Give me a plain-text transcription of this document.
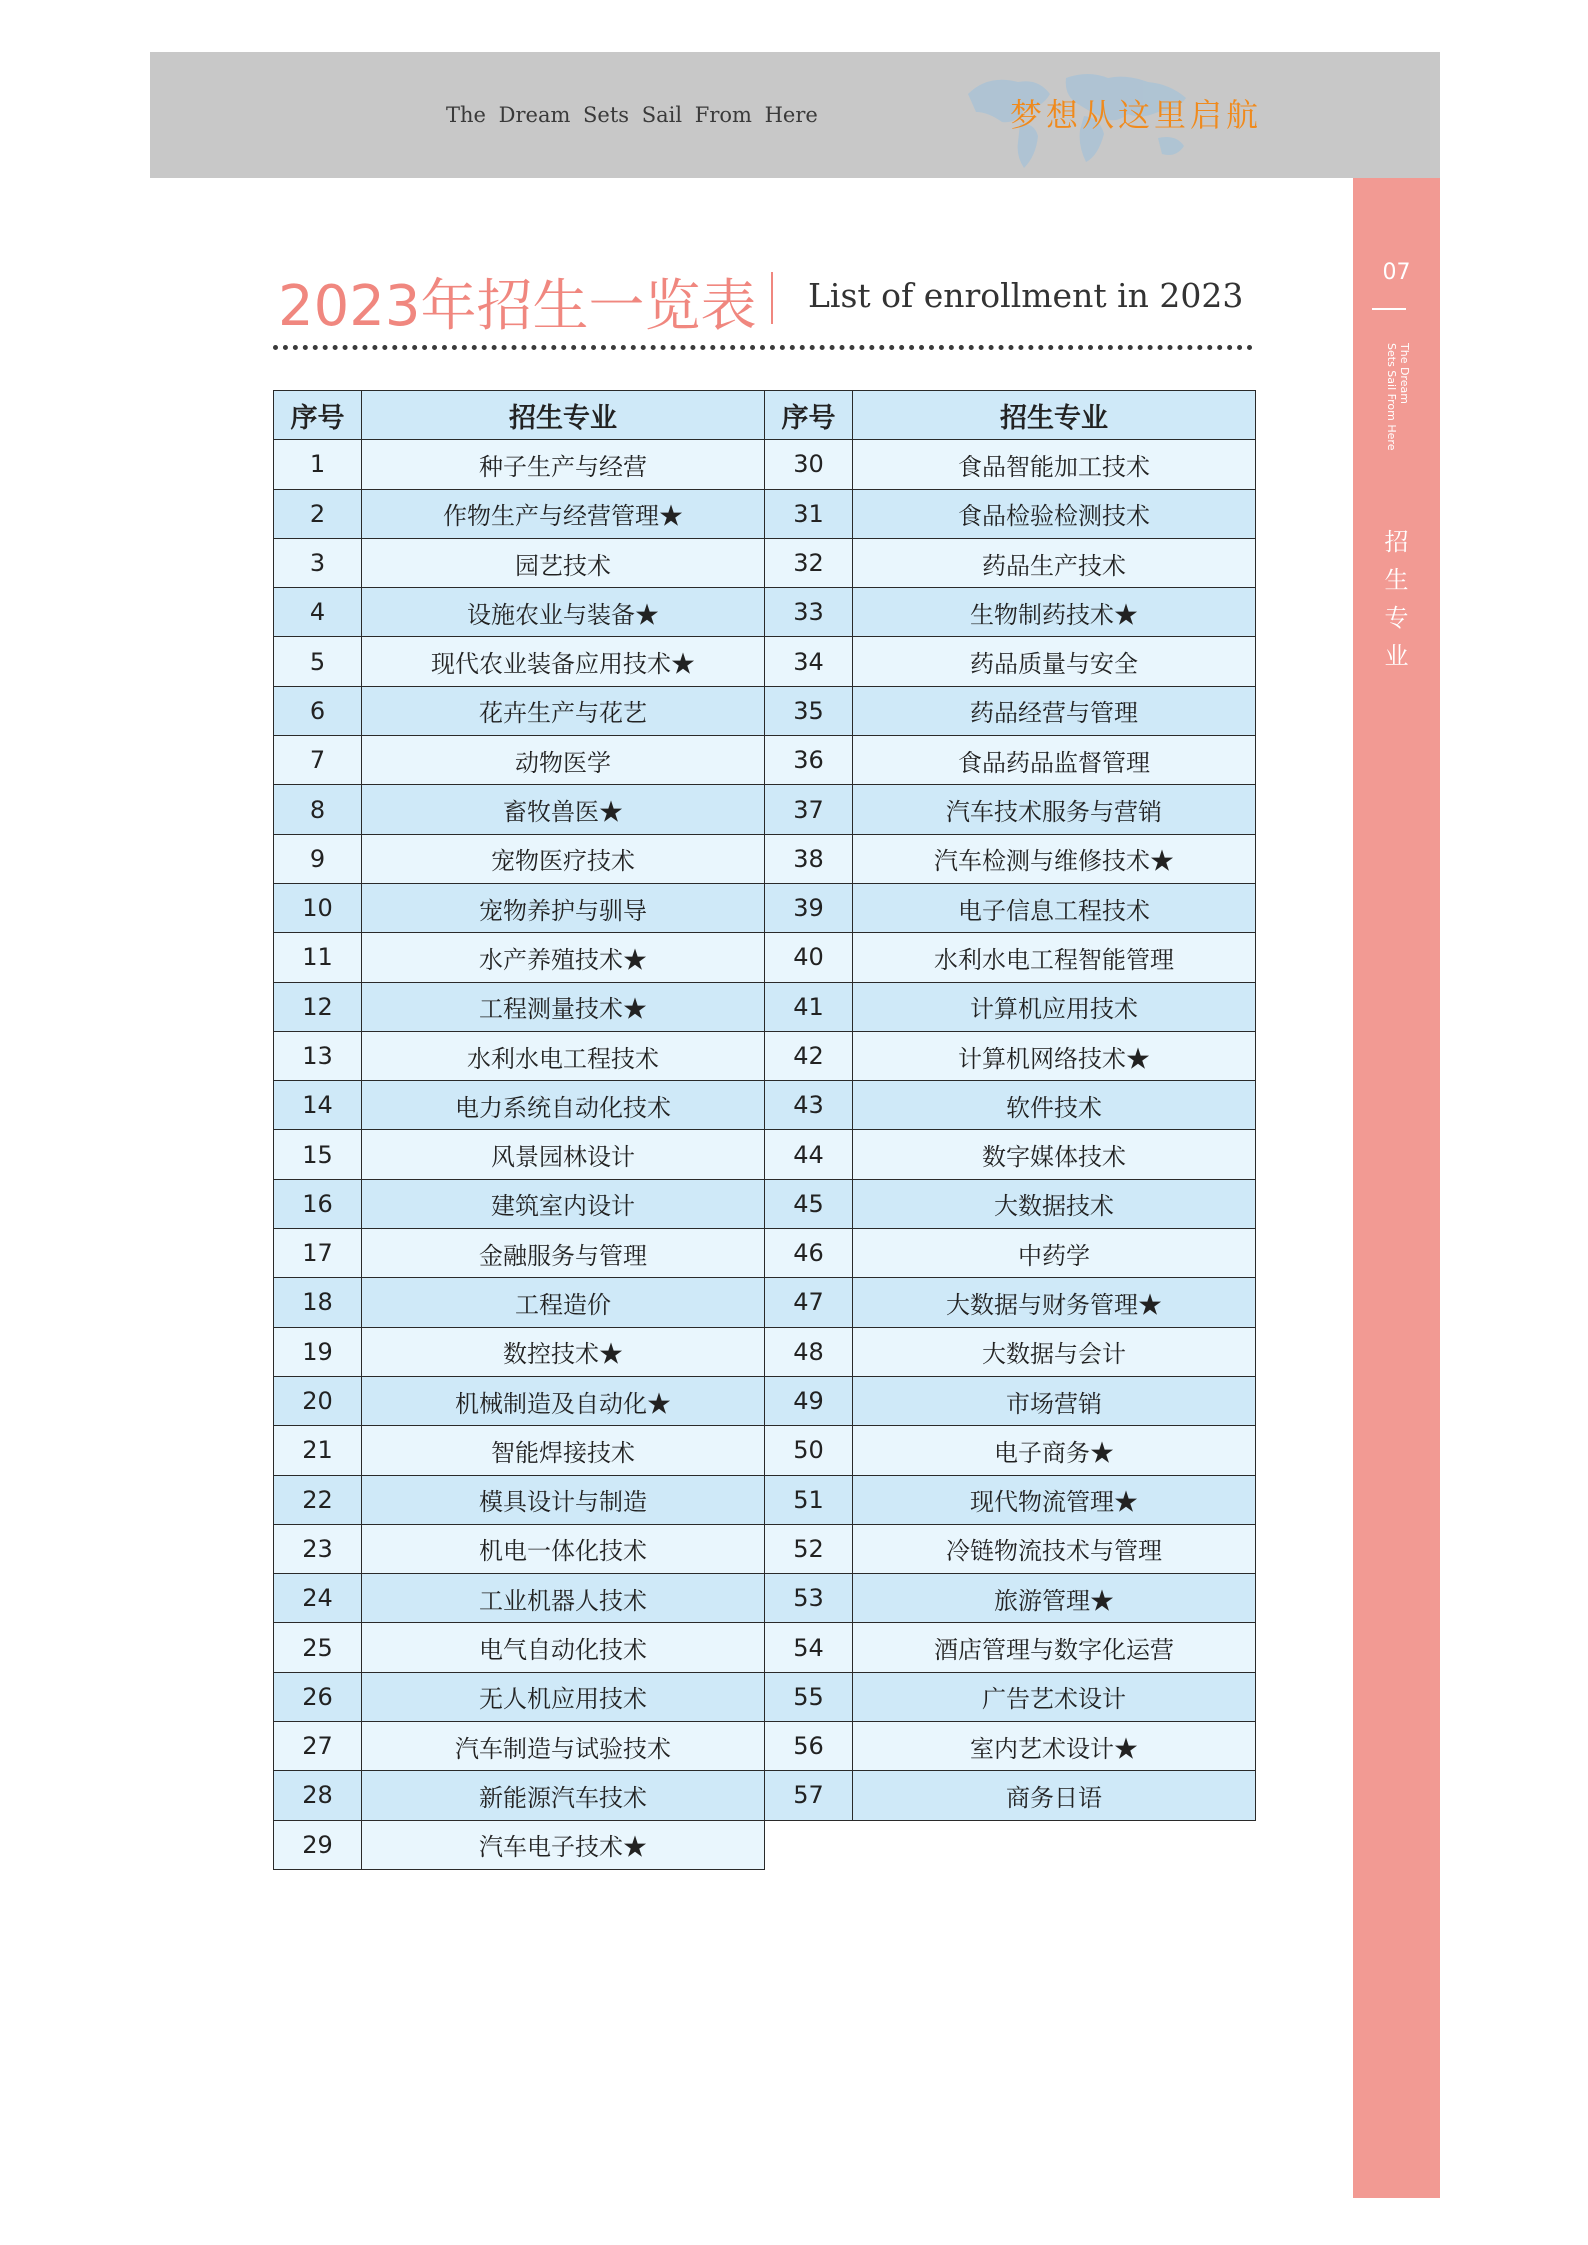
The Dream Sets Sail From Here	梦想从这里启航
07
The Dream
Sets Sail From Here
招
生
专
业
2023年招生一览表 List of enrollment in 2023
序号	招生专业
1	种子生产与经营
2	作物生产与经营管理★
3	园艺技术
4	设施农业与装备★
5	现代农业装备应用技术★
6	花卉生产与花艺
7	动物医学
8	畜牧兽医★
9	宠物医疗技术
10	宠物养护与驯导
11	水产养殖技术★
12	工程测量技术★
13	水利水电工程技术
14	电力系统自动化技术
15	风景园林设计
16	建筑室内设计
17	金融服务与管理
18	工程造价
19	数控技术★
20	机械制造及自动化★
21	智能焊接技术
22	模具设计与制造
23	机电一体化技术
24	工业机器人技术
25	电气自动化技术
26	无人机应用技术
27	汽车制造与试验技术
28	新能源汽车技术
29	汽车电子技术★
序号	招生专业
30	食品智能加工技术
31	食品检验检测技术
32	药品生产技术
33	生物制药技术★
34	药品质量与安全
35	药品经营与管理
36	食品药品监督管理
37	汽车技术服务与营销
38	汽车检测与维修技术★
39	电子信息工程技术
40	水利水电工程智能管理
41	计算机应用技术
42	计算机网络技术★
43	软件技术
44	数字媒体技术
45	大数据技术
46	中药学
47	大数据与财务管理★
48	大数据与会计
49	市场营销
50	电子商务★
51	现代物流管理★
52	冷链物流技术与管理
53	旅游管理★
54	酒店管理与数字化运营
55	广告艺术设计
56	室内艺术设计★
57	商务日语
